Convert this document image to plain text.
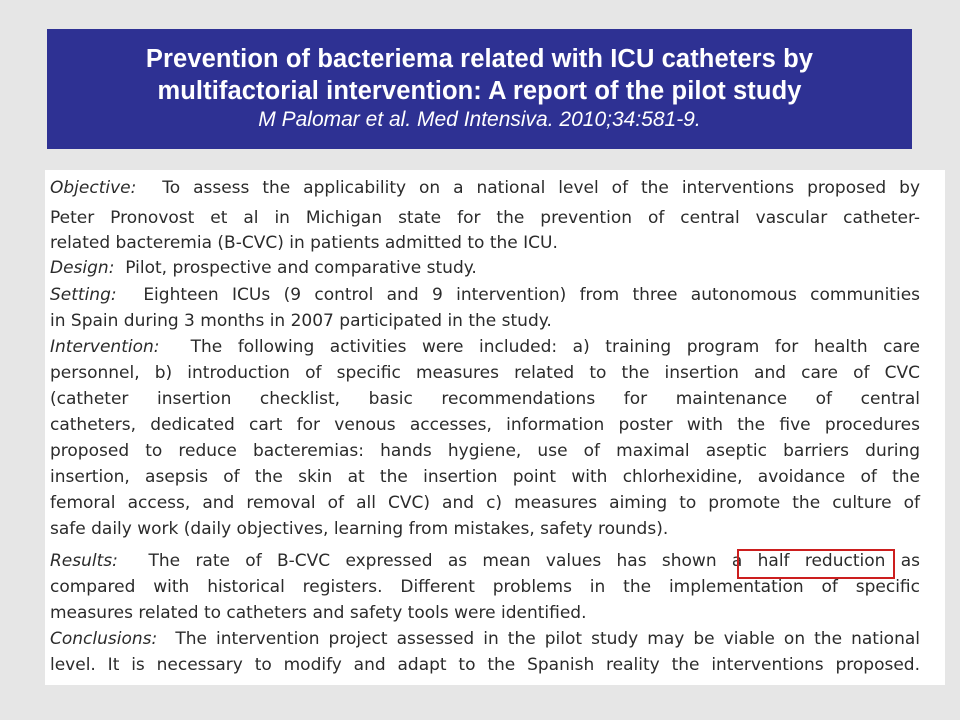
Prevention of bacteriema related with ICU catheters by
multifactorial intervention: A report of the pilot study
M Palomar et al. Med Intensiva. 2010;34:581-9.
Objective: To assess the applicability on a national level of the interventions proposed by
Peter Pronovost et al in Michigan state for the prevention of central vascular catheter-
related bacteremia (B-CVC) in patients admitted to the ICU.
Design: Pilot, prospective and comparative study.
Setting: Eighteen ICUs (9 control and 9 intervention) from three autonomous communities
in Spain during 3 months in 2007 participated in the study.
Intervention: The following activities were included: a) training program for health care
personnel, b) introduction of specific measures related to the insertion and care of CVC
(catheter insertion checklist, basic recommendations for maintenance of central
catheters, dedicated cart for venous accesses, information poster with the five procedures
proposed to reduce bacteremias: hands hygiene, use of maximal aseptic barriers during
insertion, asepsis of the skin at the insertion point with chlorhexidine, avoidance of the
femoral access, and removal of all CVC) and c) measures aiming to promote the culture of
safe daily work (daily objectives, learning from mistakes, safety rounds).
Results: The rate of B-CVC expressed as mean values has shown a half reduction as
compared with historical registers. Different problems in the implementation of specific
measures related to catheters and safety tools were identified.
Conclusions: The intervention project assessed in the pilot study may be viable on the national
level. It is necessary to modify and adapt to the Spanish reality the interventions proposed.
